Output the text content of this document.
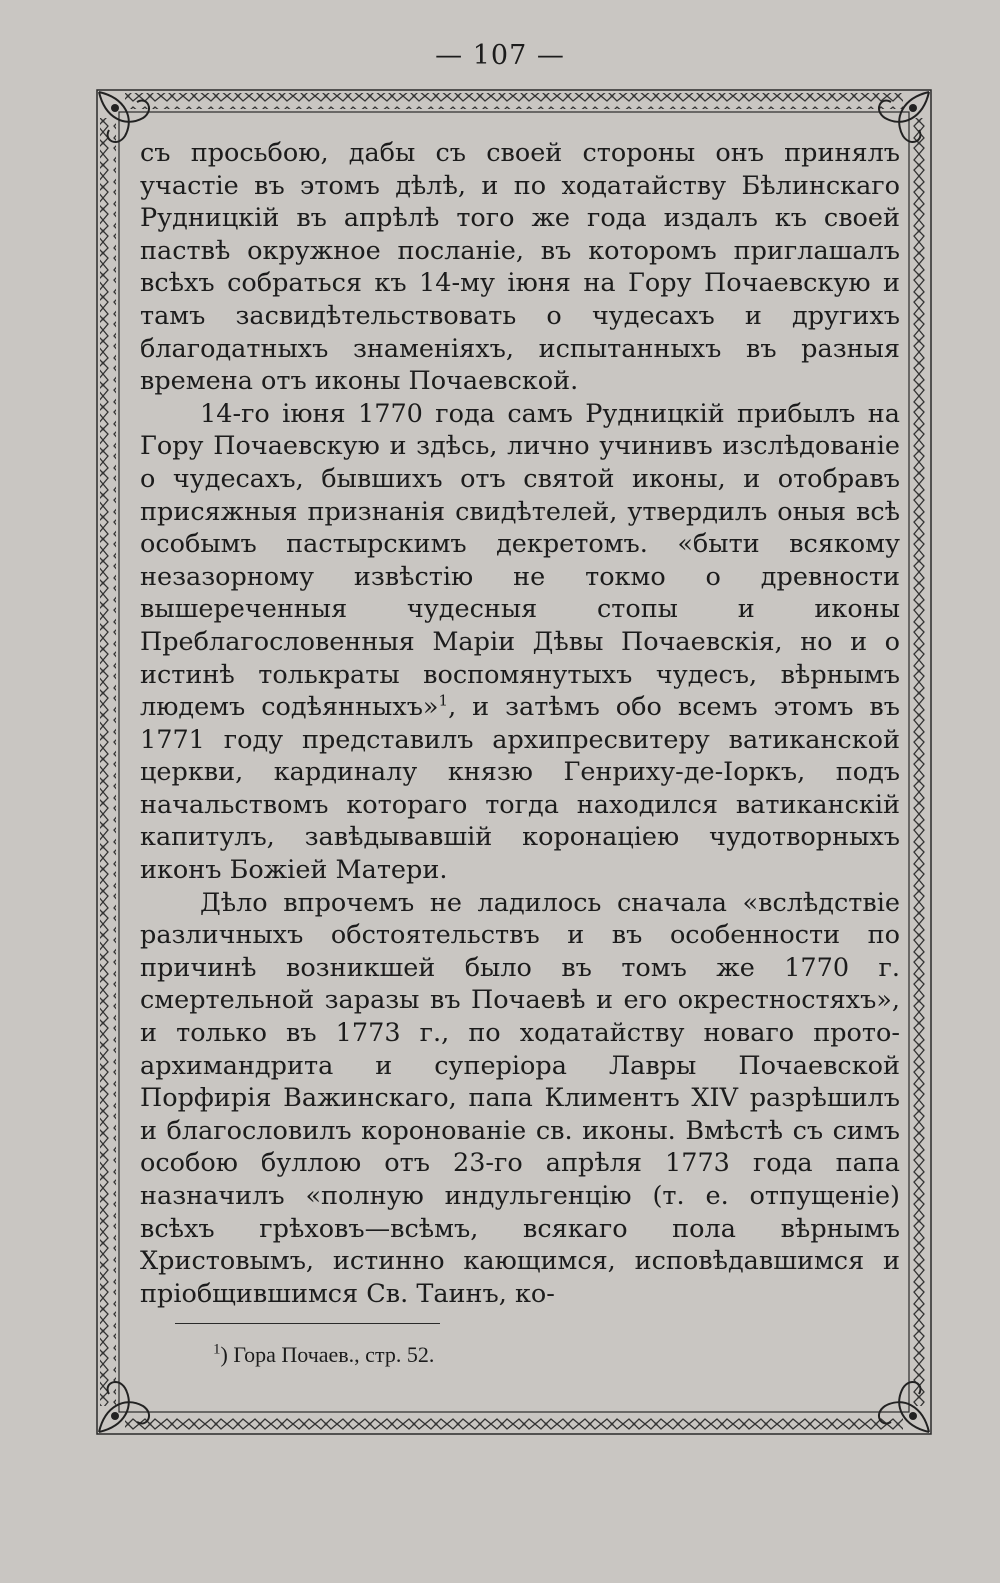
— 107 —

съ просьбою, дабы съ своей стороны онъ принялъ участіе въ этомъ дѣлѣ, и по ходатайству Бѣлинскаго Рудницкій въ апрѣлѣ того же года издалъ къ своей паствѣ окружное посланіе, въ которомъ приглашалъ всѣхъ собраться къ 14-му іюня на Гору Почаевскую и тамъ засвидѣтельствовать о чудесахъ и другихъ благодатныхъ знаменіяхъ, испытанныхъ въ разныя времена отъ иконы Почаевской.

14-го іюня 1770 года самъ Рудницкій прибылъ на Гору Почаевскую и здѣсь, лично учинивъ изслѣдованіе о чудесахъ, бывшихъ отъ святой иконы, и отобравъ присяжныя признанія свидѣтелей, утвердилъ оныя всѣ особымъ пастырскимъ декретомъ. «быти всякому незазорному извѣстію не токмо о древности вышереченныя чудесныя стопы и иконы Преблагословенныя Маріи Дѣвы Почаевскія, но и о истинѣ толькраты воспомянутыхъ чудесъ, вѣрнымъ людемъ содѣянныхъ»$^1$, и затѣмъ обо всемъ этомъ въ 1771 году представилъ архипресвитеру ватиканской церкви, кардиналу князю Генриху-де-Іоркъ, подъ начальствомъ котораго тогда находился ватиканскій капитулъ, завѣдывавшій коронаціею чудотворныхъ иконъ Божіей Матери.

Дѣло впрочемъ не ладилось сначала «вслѣдствіе различныхъ обстоятельствъ и въ особенности по причинѣ возникшей было въ томъ же 1770 г. смертельной заразы въ Почаевѣ и его окрестностяхъ», и только въ 1773 г., по ходатайству новаго прото-архимандрита и суперіора Лавры Почаевской Порфирія Важинскаго, папа Климентъ XIV разрѣшилъ и благословилъ коронованіе св. иконы. Вмѣстѣ съ симъ особою буллою отъ 23-го апрѣля 1773 года папа назначилъ «полную индульгенцію (т. е. отпущеніе) всѣхъ грѣховъ—всѣмъ, всякаго пола вѣрнымъ Христовымъ, истинно кающимся, исповѣдавшимся и пріобщившимся Св. Таинъ, ко-

$^1$) Гора Почаев., стр. 52.
